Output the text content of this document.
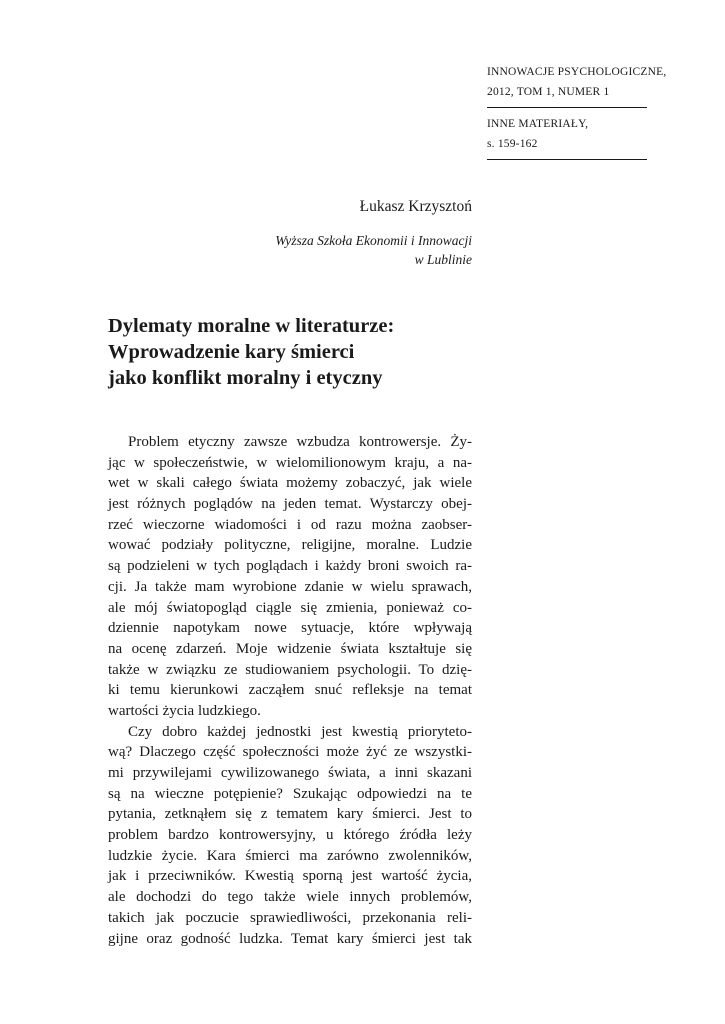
INNOWACJE PSYCHOLOGICZNE,
2012, TOM 1, NUMER 1
INNE MATERIAŁY,
s. 159-162
Łukasz Krzysztoń
Wyższa Szkoła Ekonomii i Innowacji
w Lublinie
Dylematy moralne w literaturze:
Wprowadzenie kary śmierci
jako konflikt moralny i etyczny
Problem etyczny zawsze wzbudza kontrowersje. Ży-
jąc w społeczeństwie, w wielomilionowym kraju, a na-
wet w skali całego świata możemy zobaczyć, jak wiele
jest różnych poglądów na jeden temat. Wystarczy obej-
rzeć wieczorne wiadomości i od razu można zaobser-
wować podziały polityczne, religijne, moralne. Ludzie
są podzieleni w tych poglądach i każdy broni swoich ra-
cji. Ja także mam wyrobione zdanie w wielu sprawach,
ale mój światopogląd ciągle się zmienia, ponieważ co-
dziennie napotykam nowe sytuacje, które wpływają
na ocenę zdarzeń. Moje widzenie świata kształtuje się
także w związku ze studiowaniem psychologii. To dzię-
ki temu kierunkowi zacząłem snuć refleksje na temat
wartości życia ludzkiego.
Czy dobro każdej jednostki jest kwestią priorytetо-
wą? Dlaczego część społeczności może żyć ze wszystki-
mi przywilejami cywilizowanego świata, a inni skazani
są na wieczne potępienie? Szukając odpowiedzi na te
pytania, zetknąłem się z tematem kary śmierci. Jest to
problem bardzo kontrowersyjny, u którego źródła leży
ludzkie życie. Kara śmierci ma zarówno zwolenników,
jak i przeciwników. Kwestią sporną jest wartość życia,
ale dochodzi do tego także wiele innych problemów,
takich jak poczucie sprawiedliwości, przekonania reli-
gijne oraz godność ludzka. Temat kary śmierci jest tak
